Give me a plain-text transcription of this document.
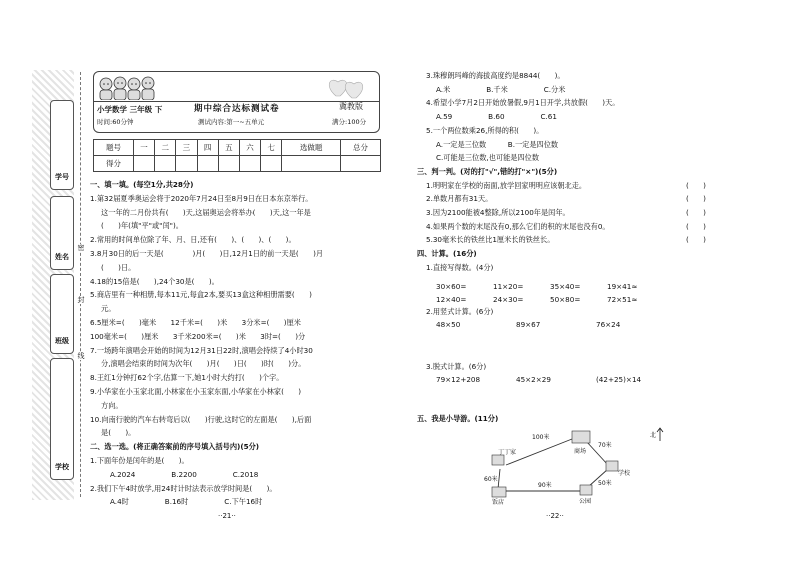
学号
姓名
班级
学校
密
封
线
小学数学 三年级 下
时间:60分钟
期中综合达标测试卷
测试内容:第一~五单元	满分:100分
冀教版
题号	一	二	三	四	五	六	七	选做题	总分
得分									
一、填一填。(每空1分,共28分)
1.第32届夏季奥运会将于2020年7月24日至8月9日在日本东京举行。
这一年的二月份共有(　　)天,这届奥运会将举办(　　)天,这一年是
(　　)年(填"平"或"闰")。
2.常用的时间单位除了年、月、日,还有(　　)、(　　)、(　　)。
3.8月30日的后一天是(　　　　)月(　　)日,12月1日的前一天是(　　)月
(　　)日。
4.18的15倍是(　　),24个30是(　　)。
5.商店里有一种相册,每本11元,每盒2本,要买13盒这种相册需要(　　)
元。
6.5厘米=(　　)毫米　　12千米=(　　)米　　3分米=(　　)厘米
100毫米=(　　)厘米　　3千米200米=(　　)米　　3时=(　　)分
7.一场跨年演唱会开始的时间为12月31日22时,演唱会持续了4小时30
分,演唱会结束的时间为次年(　　)月(　　)日(　　)时(　　)分。
8.王红1分钟打62个字,估算一下,她1小时大约打(　　)个字。
9.小华家在小玉家北面,小林家在小玉家东面,小华家在小林家(　　)
方向。
10.向南行驶的汽车右转弯后以(　　)行驶,这时它的左面是(　　),后面
是(　　)。
二、选一选。(将正确答案前的序号填入括号内)(5分)
1.下面年份是闰年的是(　　)。
A.2024　　　　　B.2200　　　　　C.2018
2.我们下午4时放学,用24时计时法表示放学时间是(　　)。
A.4时　　　　　B.16时　　　　　C.下午16时
3.珠穆朗玛峰的海拔高度约是8844(　　)。
A.米　　　　　B.千米　　　　　C.分米
4.希望小学7月2日开始放暑假,9月1日开学,共放假(　　)天。
A.59　　　　　B.60　　　　　C.61
5.一个两位数乘26,所得的积(　　)。
A.一定是三位数　　　B.一定是四位数
C.可能是三位数,也可能是四位数
三、判一判。(对的打"√",错的打"×")(5分)
1.明明家在学校的南面,放学回家明明应该朝北走。
2.单数月都有31天。
3.因为2100能被4整除,所以2100年是闰年。
4.如果两个数的末尾没有0,那么它们的积的末尾也没有0。
5.30毫米长的铁丝比1厘米长的铁丝长。
四、计算。(16分)
1.直接写得数。(4分)
(　　)
(　　)
(　　)
(　　)
(　　)
30×60=	11×20=	35×40=	19×41≈
12×40=	24×30=	50×80=	72×51≈
2.用竖式计算。(6分)
48×50	89×67	76×24
3.脱式计算。(6分)
79×12+208	45×2×29	(42+25)×14
五、我是小导游。(11分)
丁丁家	商场
学校
公园
饭店
100米
70米
60米
90米	50米
北
··21··	··22··
